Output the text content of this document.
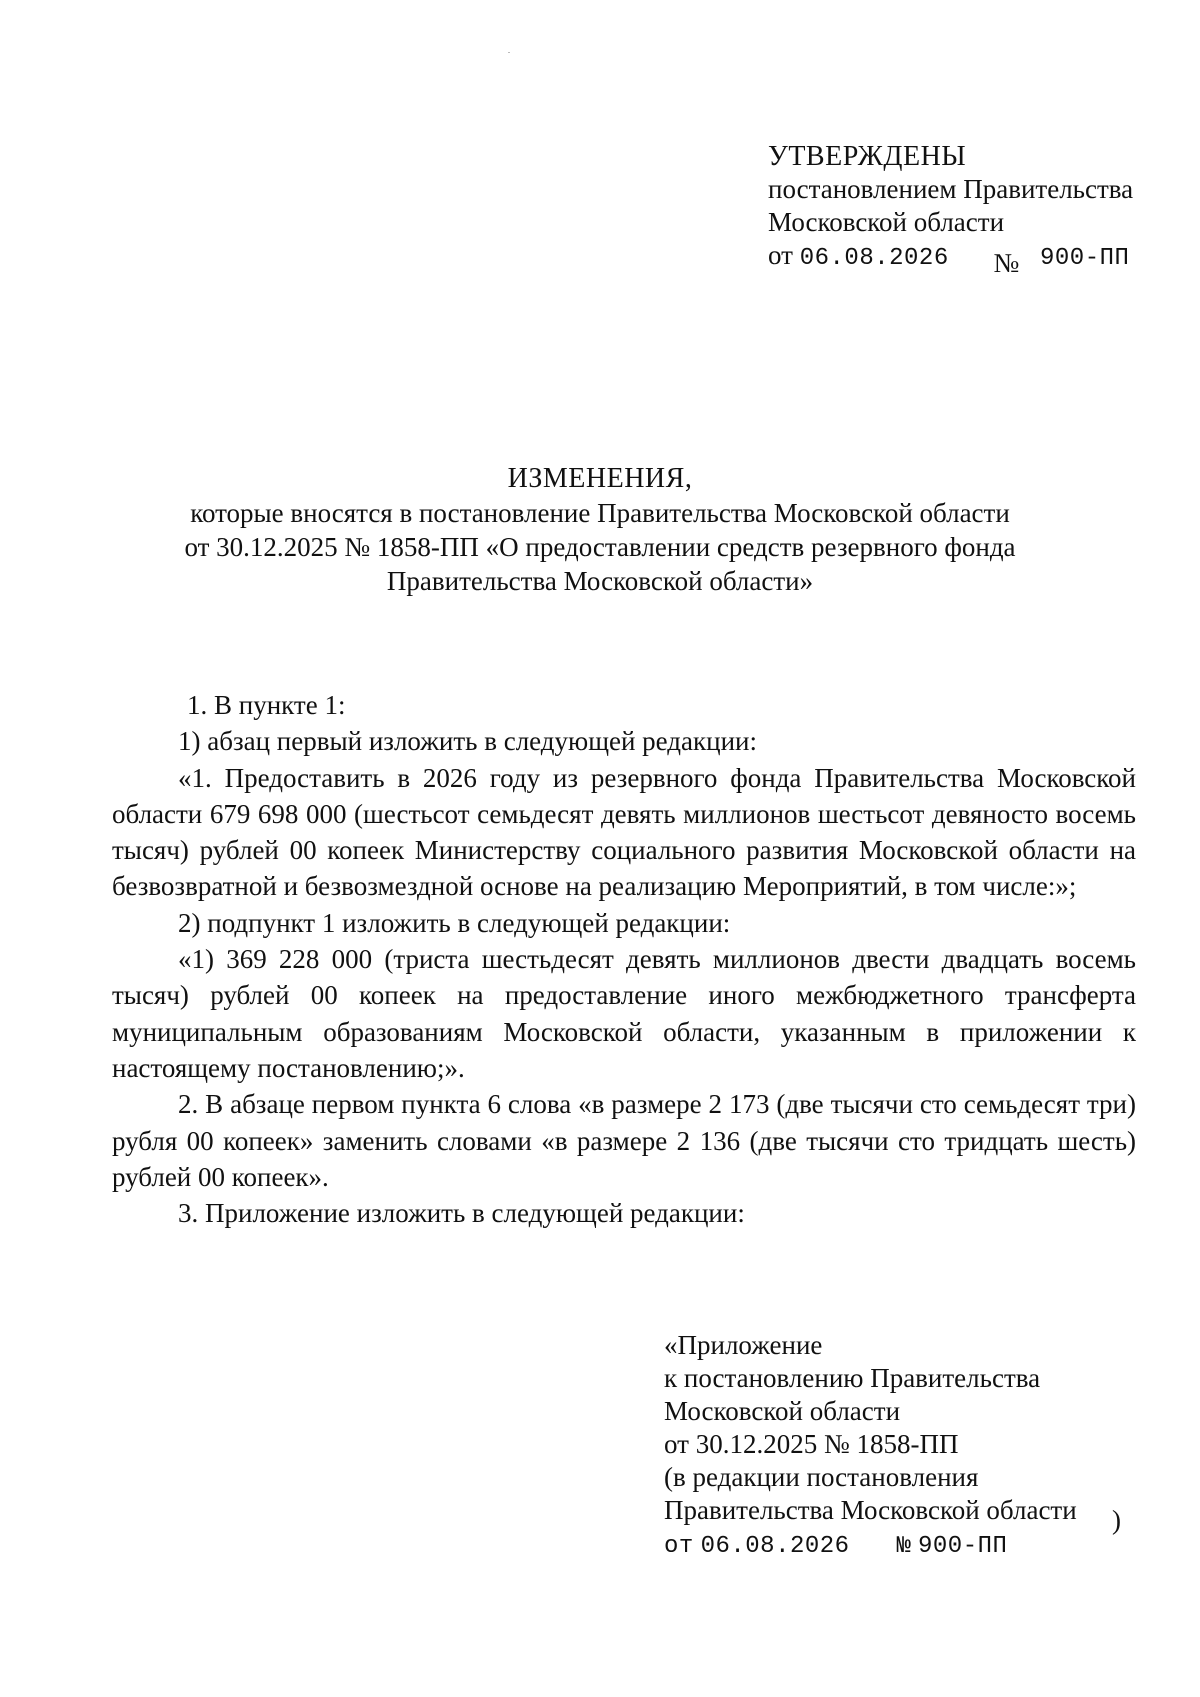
УТВЕРЖДЕНЫ
постановлением Правительства
Московской области
от 06.08.2026 № 900-ПП
ИЗМЕНЕНИЯ,
которые вносятся в постановление Правительства Московской области
от 30.12.2025 № 1858-ПП «О предоставлении средств резервного фонда
Правительства Московской области»

1. В пункте 1:

1) абзац первый изложить в следующей редакции:

«1. Предоставить в 2026 году из резервного фонда Правительства Московской области 679 698 000 (шестьсот семьдесят девять миллионов шестьсот девяносто восемь тысяч) рублей 00 копеек Министерству социального развития Московской области на безвозвратной и безвозмездной основе на реализацию Мероприятий, в том числе:»;

2) подпункт 1 изложить в следующей редакции:

«1) 369 228 000 (триста шестьдесят девять миллионов двести двадцать восемь тысяч) рублей 00 копеек на предоставление иного межбюджетного трансферта муниципальным образованиям Московской области, указанным в приложении к настоящему постановлению;».

2. В абзаце первом пункта 6 слова «в размере 2 173 (две тысячи сто семьдесят три) рубля 00 копеек» заменить словами «в размере 2 136 (две тысячи сто тридцать шесть) рублей 00 копеек».

3. Приложение изложить в следующей редакции:

«Приложение
к постановлению Правительства
Московской области
от 30.12.2025 № 1858-ПП
(в редакции постановления
Правительства Московской области
от 06.08.2026 № 900-ПП
)
